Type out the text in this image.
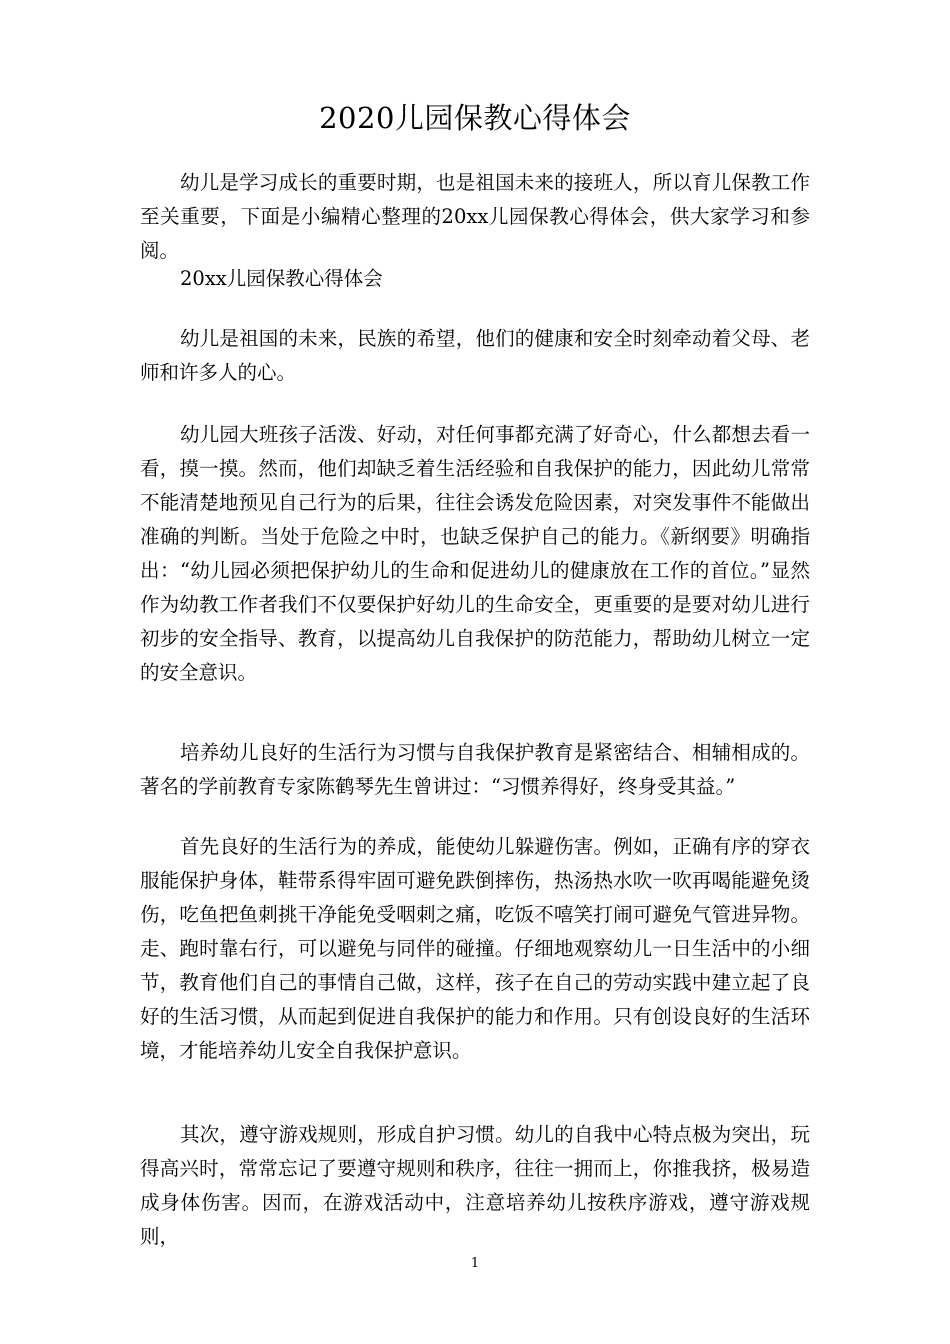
2020儿园保教心得体会
幼儿是学习成长的重要时期，也是祖国未来的接班人，所以育儿保教工作至关重要，下面是小编精心整理的20xx儿园保教心得体会，供大家学习和参阅。
20xx儿园保教心得体会
幼儿是祖国的未来，民族的希望，他们的健康和安全时刻牵动着父母、老师和许多人的心。
幼儿园大班孩子活泼、好动，对任何事都充满了好奇心，什么都想去看一看，摸一摸。然而，他们却缺乏着生活经验和自我保护的能力，因此幼儿常常不能清楚地预见自己行为的后果，往往会诱发危险因素，对突发事件不能做出准确的判断。当处于危险之中时，也缺乏保护自己的能力。《新纲要》明确指出：“幼儿园必须把保护幼儿的生命和促进幼儿的健康放在工作的首位。”显然作为幼教工作者我们不仅要保护好幼儿的生命安全，更重要的是要对幼儿进行初步的安全指导、教育，以提高幼儿自我保护的防范能力，帮助幼儿树立一定的安全意识。
培养幼儿良好的生活行为习惯与自我保护教育是紧密结合、相辅相成的。著名的学前教育专家陈鹤琴先生曾讲过：“习惯养得好，终身受其益。”
首先良好的生活行为的养成，能使幼儿躲避伤害。例如，正确有序的穿衣服能保护身体，鞋带系得牢固可避免跌倒摔伤，热汤热水吹一吹再喝能避免烫伤，吃鱼把鱼刺挑干净能免受咽刺之痛，吃饭不嘻笑打闹可避免气管进异物。走、跑时靠右行，可以避免与同伴的碰撞。仔细地观察幼儿一日生活中的小细节，教育他们自己的事情自己做，这样，孩子在自己的劳动实践中建立起了良好的生活习惯，从而起到促进自我保护的能力和作用。只有创设良好的生活环境，才能培养幼儿安全自我保护意识。
其次，遵守游戏规则，形成自护习惯。幼儿的自我中心特点极为突出，玩得高兴时，常常忘记了要遵守规则和秩序，往往一拥而上，你推我挤，极易造成身体伤害。因而，在游戏活动中，注意培养幼儿按秩序游戏，遵守游戏规则，
1
